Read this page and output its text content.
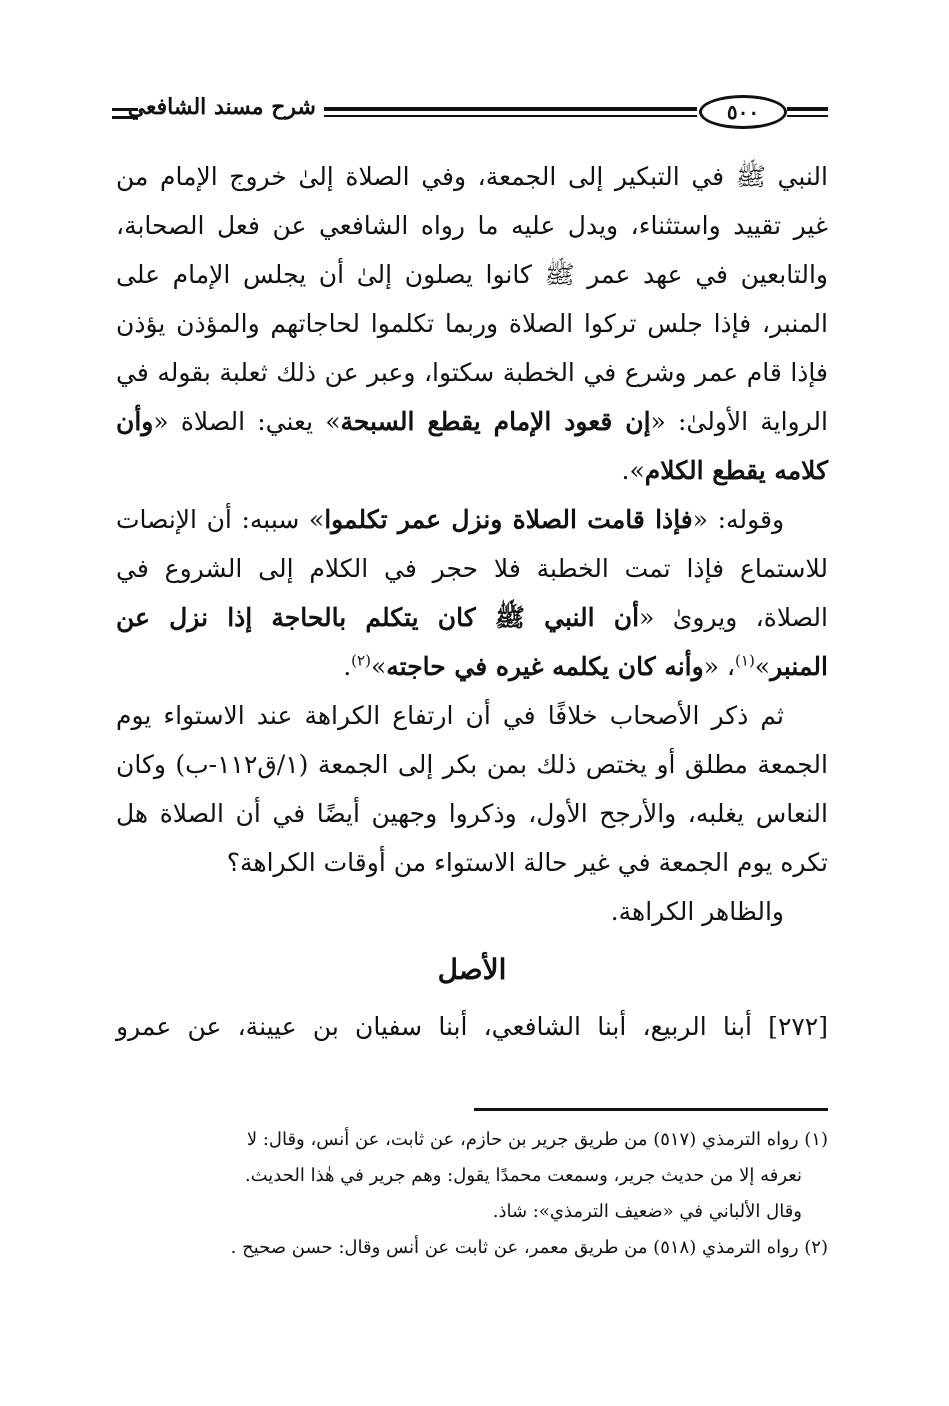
شرح مسند الشافعي	٥٠٠

النبي ﷺ في التبكير إلى الجمعة، وفي الصلاة إلىٰ خروج الإمام من غير تقييد واستثناء، ويدل عليه ما رواه الشافعي عن فعل الصحابة، والتابعين في عهد عمر ﷺ كانوا يصلون إلىٰ أن يجلس الإمام على المنبر، فإذا جلس تركوا الصلاة وربما تكلموا لحاجاتهم والمؤذن يؤذن فإذا قام عمر وشرع في الخطبة سكتوا، وعبر عن ذلك ثعلبة بقوله في الرواية الأولىٰ: «إن قعود الإمام يقطع السبحة» يعني: الصلاة «وأن كلامه يقطع الكلام».

وقوله: «فإذا قامت الصلاة ونزل عمر تكلموا» سببه: أن الإنصات للاستماع فإذا تمت الخطبة فلا حجر في الكلام إلى الشروع في الصلاة، ويروىٰ «أن النبي ﷺ كان يتكلم بالحاجة إذا نزل عن المنبر»$^{(١)}$، «وأنه كان يكلمه غيره في حاجته»$^{(٢)}$.

ثم ذكر الأصحاب خلافًا في أن ارتفاع الكراهة عند الاستواء يوم الجمعة مطلق أو يختص ذلك بمن بكر إلى الجمعة (١/ق١١٢-ب) وكان النعاس يغلبه، والأرجح الأول، وذكروا وجهين أيضًا في أن الصلاة هل تكره يوم الجمعة في غير حالة الاستواء من أوقات الكراهة؟

والظاهر الكراهة.

الأصل
[٢٧٢] أبنا الربيع، أبنا الشافعي، أبنا سفيان بن عيينة، عن عمرو

(١) رواه الترمذي (٥١٧) من طريق جرير بن حازم، عن ثابت، عن أنس، وقال: لا
نعرفه إلا من حديث جرير، وسمعت محمدًا يقول: وهم جرير في هٰذا الحديث.
وقال الألباني في «ضعيف الترمذي»: شاذ.

(٢) رواه الترمذي (٥١٨) من طريق معمر، عن ثابت عن أنس وقال: حسن صحيح .
